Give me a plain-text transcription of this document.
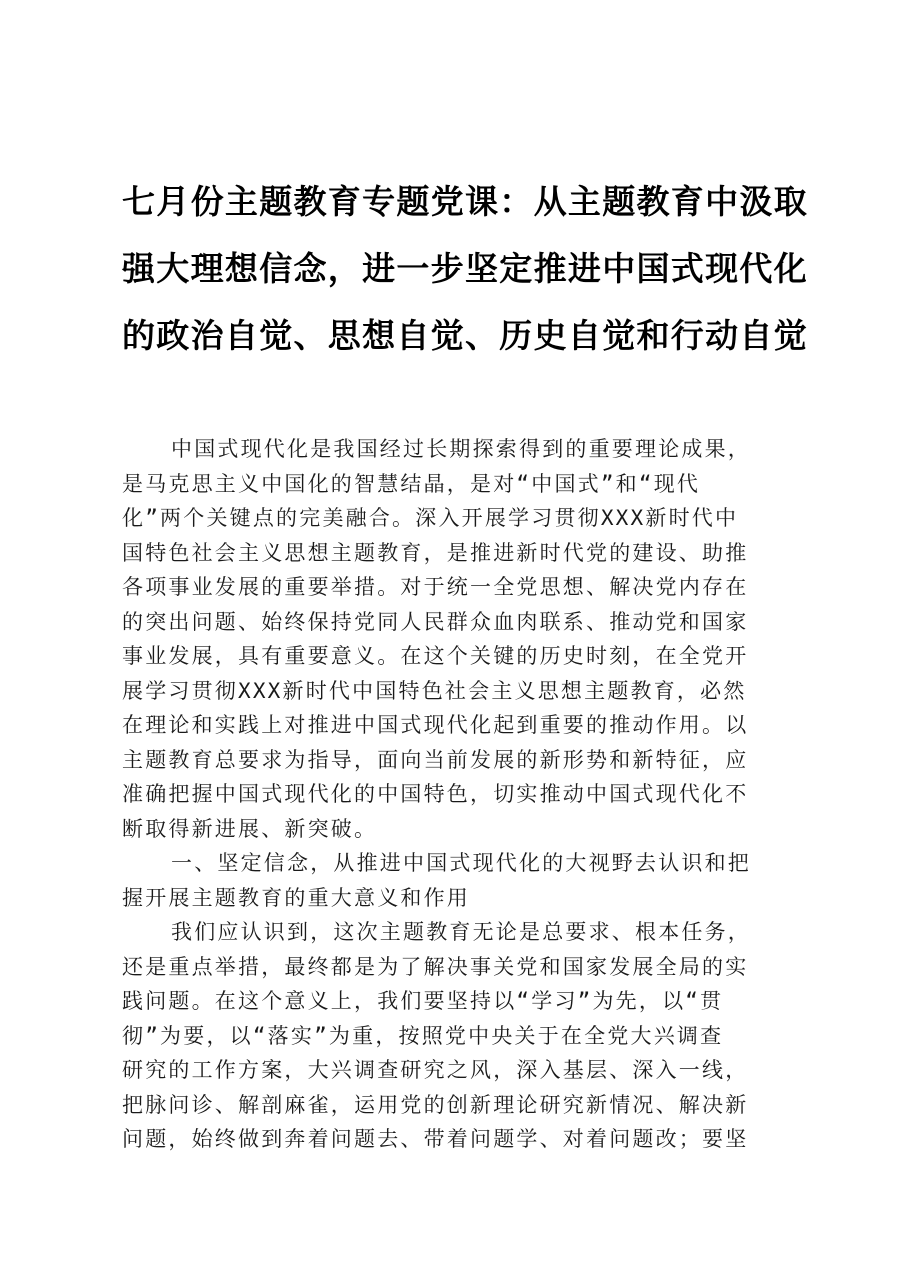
七月份主题教育专题党课：从主题教育中汲取
强大理想信念，进一步坚定推进中国式现代化
的政治自觉、思想自觉、历史自觉和行动自觉
中国式现代化是我国经过长期探索得到的重要理论成果，
是马克思主义中国化的智慧结晶，是对“中国式”和“现代
化”两个关键点的完美融合。深入开展学习贯彻XXX新时代中
国特色社会主义思想主题教育，是推进新时代党的建设、助推
各项事业发展的重要举措。对于统一全党思想、解决党内存在
的突出问题、始终保持党同人民群众血肉联系、推动党和国家
事业发展，具有重要意义。在这个关键的历史时刻，在全党开
展学习贯彻XXX新时代中国特色社会主义思想主题教育，必然
在理论和实践上对推进中国式现代化起到重要的推动作用。以
主题教育总要求为指导，面向当前发展的新形势和新特征，应
准确把握中国式现代化的中国特色，切实推动中国式现代化不
断取得新进展、新突破。
一、坚定信念，从推进中国式现代化的大视野去认识和把
握开展主题教育的重大意义和作用
我们应认识到，这次主题教育无论是总要求、根本任务，
还是重点举措，最终都是为了解决事关党和国家发展全局的实
践问题。在这个意义上，我们要坚持以“学习”为先，以“贯
彻”为要，以“落实”为重，按照党中央关于在全党大兴调查
研究的工作方案，大兴调查研究之风，深入基层、深入一线，
把脉问诊、解剖麻雀，运用党的创新理论研究新情况、解决新
问题，始终做到奔着问题去、带着问题学、对着问题改；要坚
